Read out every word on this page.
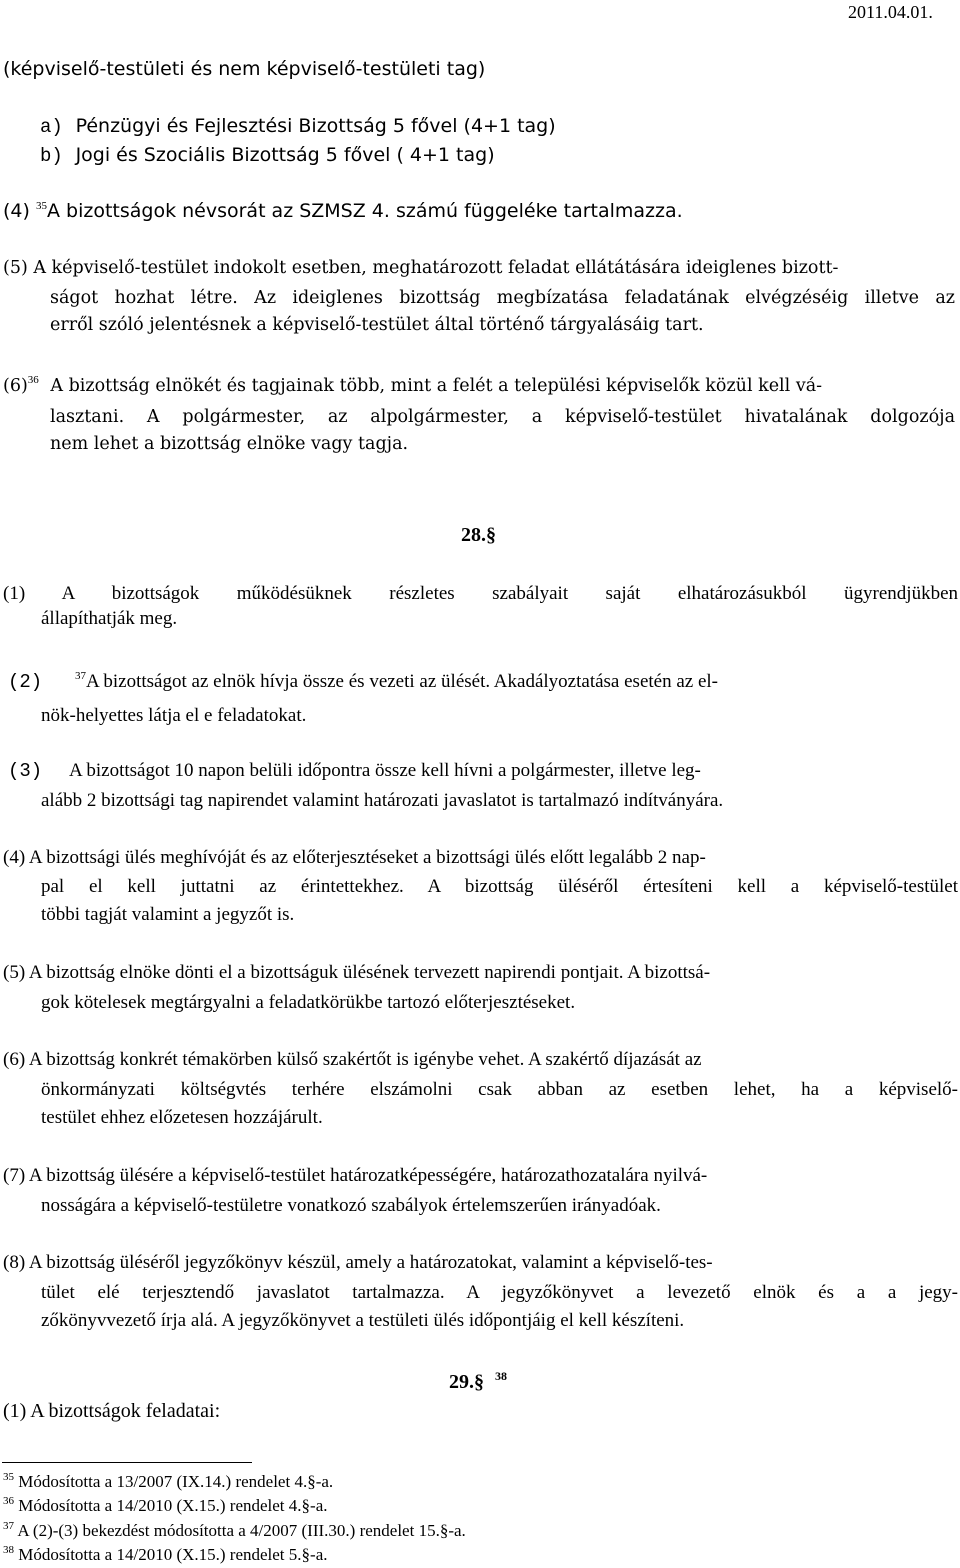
2011.04.01.
(képviselő-testületi és nem képviselő-testületi tag)
a) Pénzügyi és Fejlesztési Bizottság 5 fővel (4+1 tag)
b) Jogi és Szociális Bizottság 5 fővel ( 4+1 tag)
(4) $^{35}$A bizottságok névsorát az SZMSZ 4. számú függeléke tartalmazza.
(5) A képviselő-testület indokolt esetben, meghatározott feladat ellátátására ideiglenes bizott-
ságot hozhat létre. Az ideiglenes bizottság megbízatása feladatának elvégzéséig illetve az
erről szóló jelentésnek a képviselő-testület által történő tárgyalásáig tart.
$(6)^{36}$ A bizottság elnökét és tagjainak több, mint a felét a települési képviselők közül kell vá-
lasztani. A polgármester, az alpolgármester, a képviselő-testület hivatalának dolgozója
nem lehet a bizottság elnöke vagy tagja.
28.§
(1) A bizottságok működésüknek részletes szabályait saját elhatározásukból ügyrendjükben
állapíthatják meg.
(2)	$^{37}$A bizottságot az elnök hívja össze és vezeti az ülését. Akadályoztatása esetén az el-
nök-helyettes látja el e feladatokat.
(3) A bizottságot 10 napon belüli időpontra össze kell hívni a polgármester, illetve leg-
alább 2 bizottsági tag napirendet valamint határozati javaslatot is tartalmazó indítványára.
(4) A bizottsági ülés meghívóját és az előterjesztéseket a bizottsági ülés előtt legalább 2 nap-
pal el kell juttatni az érintettekhez. A bizottság üléséről értesíteni kell a képviselő-testület
többi tagját valamint a jegyzőt is.
(5) A bizottság elnöke dönti el a bizottságuk ülésének tervezett napirendi pontjait. A bizottsá-
gok kötelesek megtárgyalni a feladatkörükbe tartozó előterjesztéseket.
(6) A bizottság konkrét témakörben külső szakértőt is igénybe vehet. A szakértő díjazását az
önkormányzati költségvtés terhére elszámolni csak abban az esetben lehet, ha a képviselő-
testület ehhez előzetesen hozzájárult.
(7) A bizottság ülésére a képviselő-testület határozatképességére, határozathozatalára nyilvá-
nosságára a képviselő-testületre vonatkozó szabályok értelemszerűen irányadóak.
(8) A bizottság üléséről jegyzőkönyv készül, amely a határozatokat, valamint a képviselő-tes-
tület elé terjesztendő javaslatot tartalmazza. A jegyzőkönyvet a levezető elnök és a a jegy-
zőkönyvvezető írja alá. A jegyzőkönyvet a testületi ülés időpontjáig el kell készíteni.
29.§ $^{38}$
(1) A bizottságok feladatai:
$^{35}$ Módosította a 13/2007 (IX.14.) rendelet 4.§-a.
$^{36}$ Módosította a 14/2010 (X.15.) rendelet 4.§-a.
$^{37}$ A (2)-(3) bekezdést módosította a 4/2007 (III.30.) rendelet 15.§-a.
$^{38}$ Módosította a 14/2010 (X.15.) rendelet 5.§-a.
